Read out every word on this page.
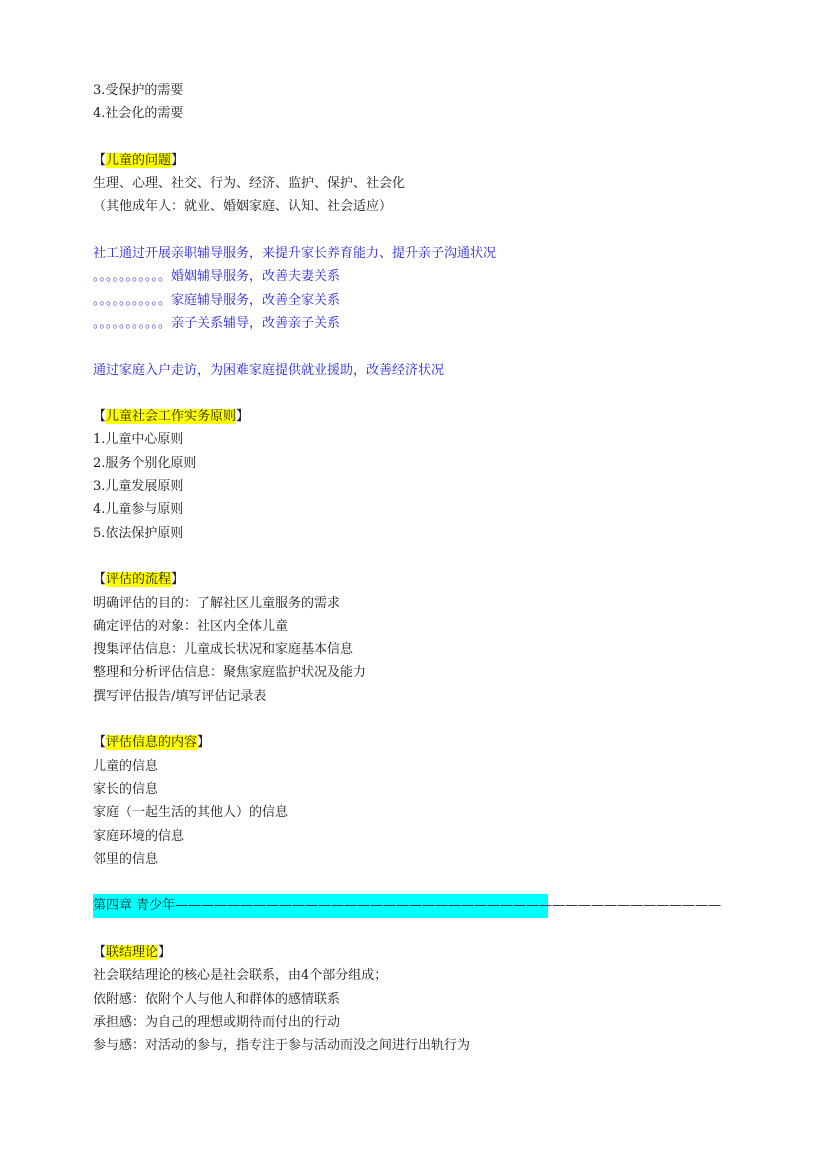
3.受保护的需要
4.社会化的需要
【儿童的问题】
生理、心理、社交、行为、经济、监护、保护、社会化
（其他成年人：就业、婚姻家庭、认知、社会适应）
社工通过开展亲职辅导服务，来提升家长养育能力、提升亲子沟通状况
。。。。。。。。。。。婚姻辅导服务，改善夫妻关系
。。。。。。。。。。。家庭辅导服务，改善全家关系
。。。。。。。。。。。亲子关系辅导，改善亲子关系
通过家庭入户走访，为困难家庭提供就业援助，改善经济状况
【儿童社会工作实务原则】
1.儿童中心原则
2.服务个别化原则
3.儿童发展原则
4.儿童参与原则
5.依法保护原则
【评估的流程】
明确评估的目的：了解社区儿童服务的需求
确定评估的对象：社区内全体儿童
搜集评估信息：儿童成长状况和家庭基本信息
整理和分析评估信息：聚焦家庭监护状况及能力
撰写评估报告/填写评估记录表
【评估信息的内容】
儿童的信息
家长的信息
家庭（一起生活的其他人）的信息
家庭环境的信息
邻里的信息
第四章 青少年——————————————————————————————————————————
【联结理论】
社会联结理论的核心是社会联系，由4个部分组成；
依附感：依附个人与他人和群体的感情联系
承担感：为自己的理想或期待而付出的行动
参与感：对活动的参与，指专注于参与活动而没之间进行出轨行为
